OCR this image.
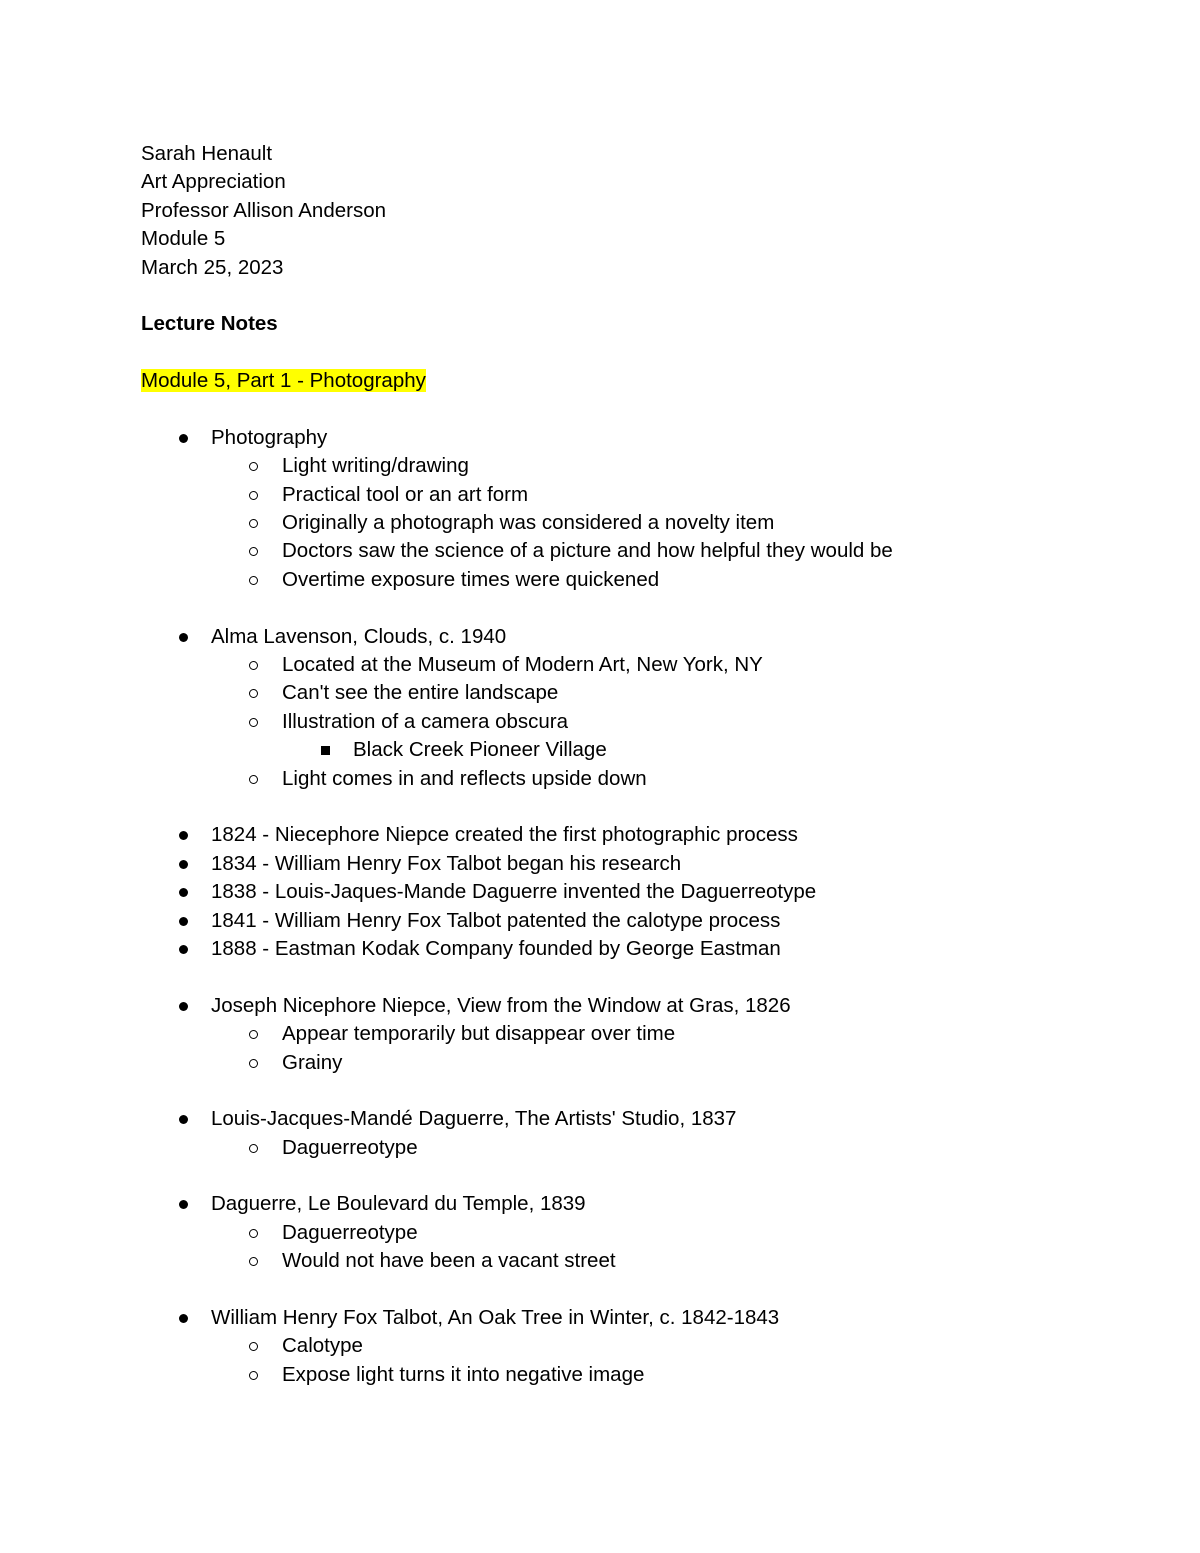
Sarah Henault
Art Appreciation
Professor Allison Anderson
Module 5
March 25, 2023
Lecture Notes
Module 5, Part 1 - Photography
Photography
Light writing/drawing
Practical tool or an art form
Originally a photograph was considered a novelty item
Doctors saw the science of a picture and how helpful they would be
Overtime exposure times were quickened
Alma Lavenson, Clouds, c. 1940
Located at the Museum of Modern Art, New York, NY
Can't see the entire landscape
Illustration of a camera obscura
Black Creek Pioneer Village
Light comes in and reflects upside down
1824 - Niecephore Niepce created the first photographic process
1834 - William Henry Fox Talbot began his research
1838 - Louis-Jaques-Mande Daguerre invented the Daguerreotype
1841 - William Henry Fox Talbot patented the calotype process
1888 - Eastman Kodak Company founded by George Eastman
Joseph Nicephore Niepce, View from the Window at Gras, 1826
Appear temporarily but disappear over time
Grainy
Louis-Jacques-Mandé Daguerre, The Artists' Studio, 1837
Daguerreotype
Daguerre, Le Boulevard du Temple, 1839
Daguerreotype
Would not have been a vacant street
William Henry Fox Talbot, An Oak Tree in Winter, c. 1842-1843
Calotype
Expose light turns it into negative image
